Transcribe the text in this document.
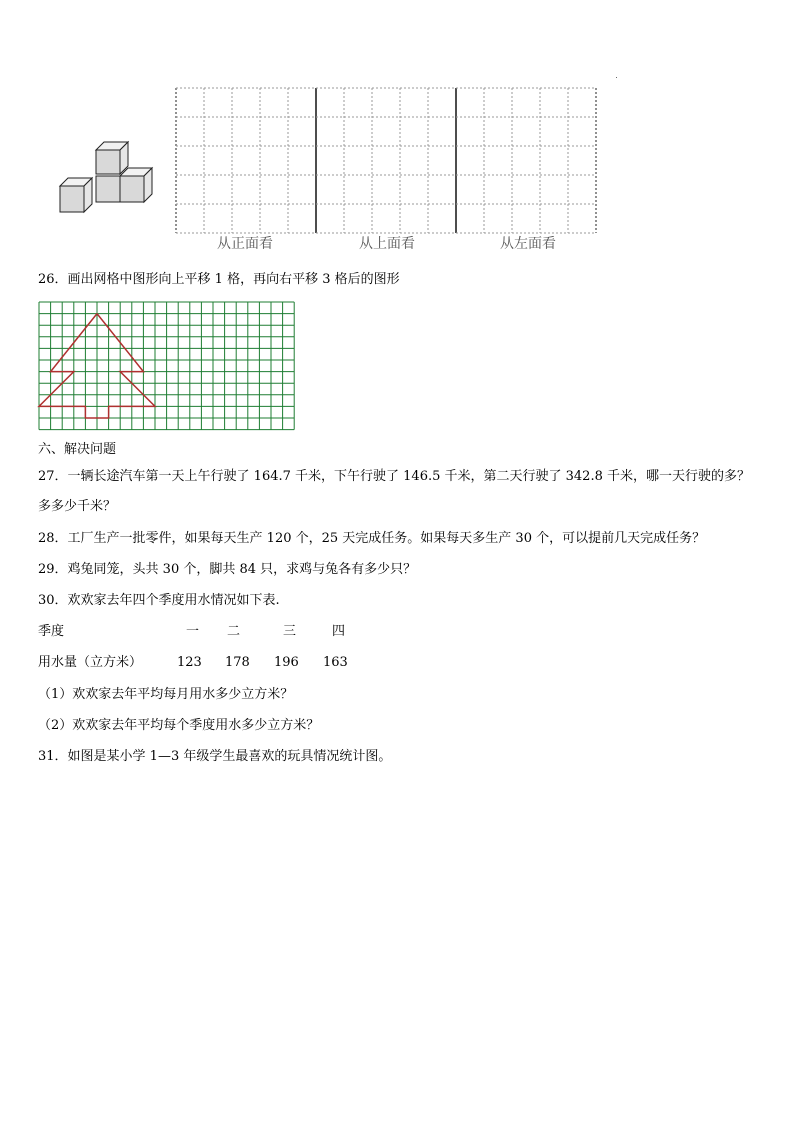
从正面看	从上面看	从左面看
26．画出网格中图形向上平移 1 格，再向右平移 3 格后的图形
六、解决问题
27．一辆长途汽车第一天上午行驶了 164.7 千米，下午行驶了 146.5 千米，第二天行驶了 342.8 千米，哪一天行驶的多？
多多少千米？
28．工厂生产一批零件，如果每天生产 120 个，25 天完成任务。如果每天多生产 30 个，可以提前几天完成任务？
29．鸡兔同笼，头共 30 个，脚共 84 只，求鸡与兔各有多少只？
30．欢欢家去年四个季度用水情况如下表.
季度	一 二	三	四
用水量（立方米）	123 178 196 163
（1）欢欢家去年平均每月用水多少立方米？
（2）欢欢家去年平均每个季度用水多少立方米？
31．如图是某小学 1—3 年级学生最喜欢的玩具情况统计图。
